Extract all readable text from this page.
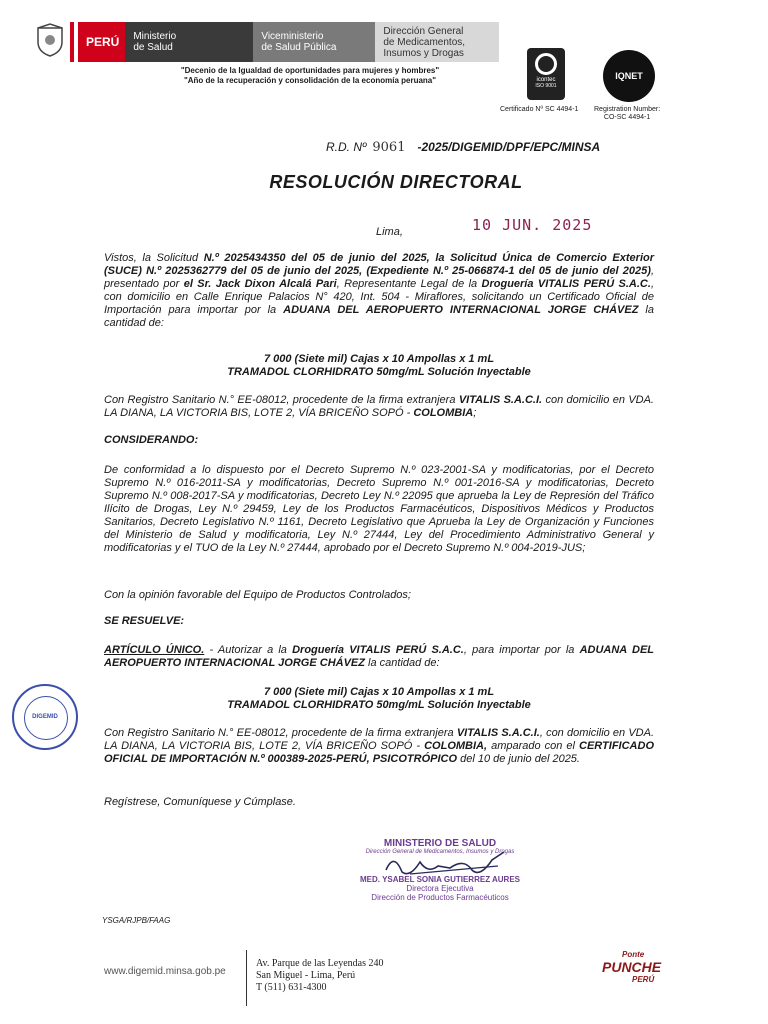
PERÚ	Ministerio
de Salud
Viceministerio
de Salud Pública
Dirección General
de Medicamentos,
Insumos y Drogas
"Decenio de la Igualdad de oportunidades para mujeres y hombres"
"Año de la recuperación y consolidación de la economía peruana"	icontec
ISO 9001
IQNET
Certificado Nº SC 4494-1 Registration Number:
CO-SC 4494-1
R.D. Nº 9061 -2025/DIGEMID/DPF/EPC/MINSA
RESOLUCIÓN DIRECTORAL
Lima,	10 JUN. 2025
Vistos, la Solicitud N.º 2025434350 del 05 de junio del 2025, la Solicitud Única de Comercio Exterior (SUCE) N.º 2025362779 del 05 de junio del 2025, (Expediente N.º 25-066874-1 del 05 de junio del 2025), presentado por el Sr. Jack Dixon Alcalá Pari, Representante Legal de la Droguería VITALIS PERÚ S.A.C., con domicilio en Calle Enrique Palacios N° 420, Int. 504 - Miraflores, solicitando un Certificado Oficial de Importación para importar por la ADUANA DEL AEROPUERTO INTERNACIONAL JORGE CHÁVEZ la cantidad de:
7 000 (Siete mil) Cajas x 10 Ampollas x 1 mL
TRAMADOL CLORHIDRATO 50mg/mL Solución Inyectable
Con Registro Sanitario N.° EE-08012, procedente de la firma extranjera VITALIS S.A.C.I. con domicilio en VDA. LA DIANA, LA VICTORIA BIS, LOTE 2, VÍA BRICEÑO SOPÓ - COLOMBIA;
CONSIDERANDO:
De conformidad a lo dispuesto por el Decreto Supremo N.º 023-2001-SA y modificatorias, por el Decreto Supremo N.º 016-2011-SA y modificatorias, Decreto Supremo N.º 001-2016-SA y modificatorias, Decreto Supremo N.º 008-2017-SA y modificatorias, Decreto Ley N.º 22095 que aprueba la Ley de Represión del Tráfico Ilícito de Drogas, Ley N.º 29459, Ley de los Productos Farmacéuticos, Dispositivos Médicos y Productos Sanitarios, Decreto Legislativo N.º 1161, Decreto Legislativo que Aprueba la Ley de Organización y Funciones del Ministerio de Salud y modificatoria, Ley N.º 27444, Ley del Procedimiento Administrativo General y modificatorias y el TUO de la Ley N.º 27444, aprobado por el Decreto Supremo N.º 004-2019-JUS;
Con la opinión favorable del Equipo de Productos Controlados;
SE RESUELVE:
ARTÍCULO ÚNICO. - Autorizar a la Droguería VITALIS PERÚ S.A.C., para importar por la ADUANA DEL AEROPUERTO INTERNACIONAL JORGE CHÁVEZ la cantidad de:
7 000 (Siete mil) Cajas x 10 Ampollas x 1 mL
TRAMADOL CLORHIDRATO 50mg/mL Solución Inyectable
Con Registro Sanitario N.° EE-08012, procedente de la firma extranjera VITALIS S.A.C.I., con domicilio en VDA. LA DIANA, LA VICTORIA BIS, LOTE 2, VÍA BRICEÑO SOPÓ - COLOMBIA, amparado con el CERTIFICADO OFICIAL DE IMPORTACIÓN N.º 000389-2025-PERÚ, PSICOTRÓPICO del 10 de junio del 2025.
Regístrese, Comuníquese y Cúmplase.
DIGEMID
MINISTERIO DE SALUD
Dirección General de Medicamentos, Insumos y Drogas
MED. YSABEL SONIA GUTIERREZ AURES
Directora Ejecutiva
Dirección de Productos Farmacéuticos
YSGA/RJPB/FAAG
www.digemid.minsa.gob.pe
Av. Parque de las Leyendas 240
San Miguel - Lima, Perú
T (511) 631-4300
Ponte
PUNCHE
PERÚ
